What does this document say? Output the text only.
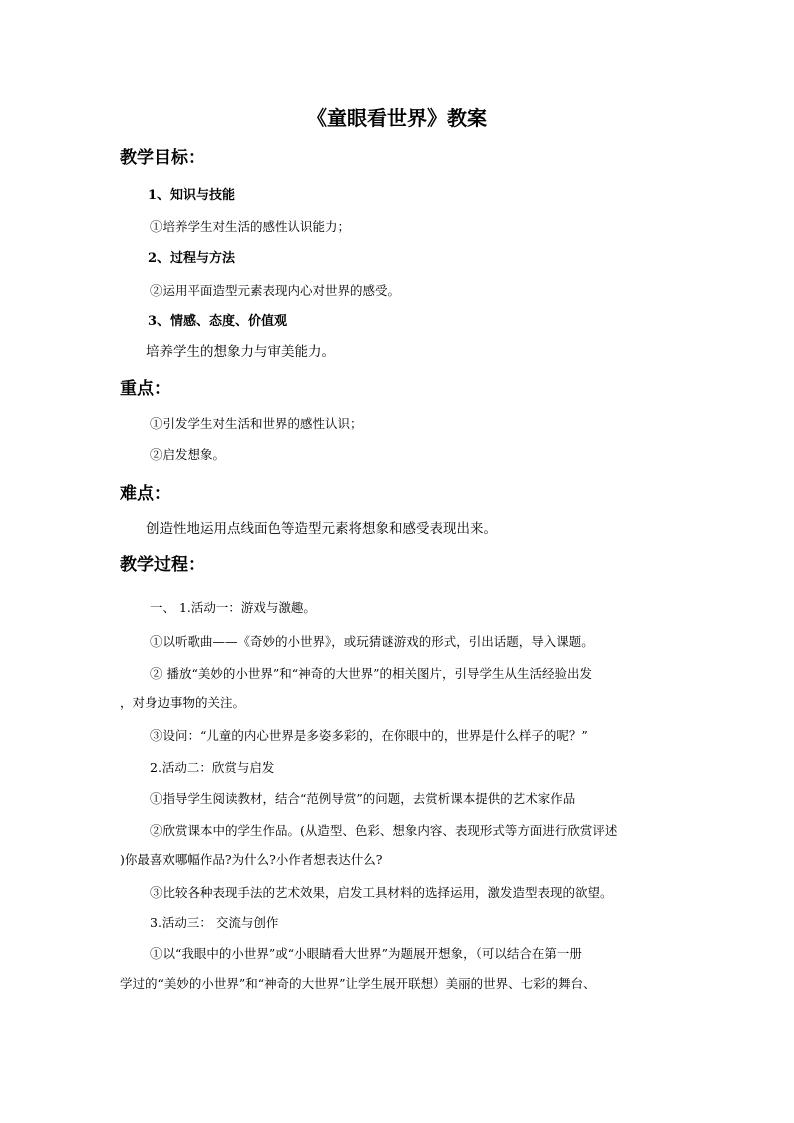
《童眼看世界》教案
教学目标：
1、知识与技能
①培养学生对生活的感性认识能力；
2、过程与方法
②运用平面造型元素表现内心对世界的感受。
3、情感、态度、价值观
培养学生的想象力与审美能力。
重点：
①引发学生对生活和世界的感性认识；
②启发想象。
难点：
创造性地运用点线面色等造型元素将想象和感受表现出来。
教学过程：
一、 1.活动一：游戏与激趣。
①以听歌曲——《奇妙的小世界》，或玩猜谜游戏的形式，引出话题，导入课题。
② 播放“美妙的小世界”和“神奇的大世界”的相关图片，引导学生从生活经验出发
，对身边事物的关注。
③设问：“儿童的内心世界是多姿多彩的，在你眼中的，世界是什么样子的呢？”
2.活动二：欣赏与启发
①指导学生阅读教材，结合“范例导赏”的问题，去赏析课本提供的艺术家作品
②欣赏课本中的学生作品。(从造型、色彩、想象内容、表现形式等方面进行欣赏评述
)你最喜欢哪幅作品?为什么?小作者想表达什么?
③比较各种表现手法的艺术效果，启发工具材料的选择运用，激发造型表现的欲望。
3.活动三： 交流与创作
①以“我眼中的小世界”或“小眼睛看大世界”为题展开想象，（可以结合在第一册
学过的“美妙的小世界”和“神奇的大世界”让学生展开联想）美丽的世界、七彩的舞台、
